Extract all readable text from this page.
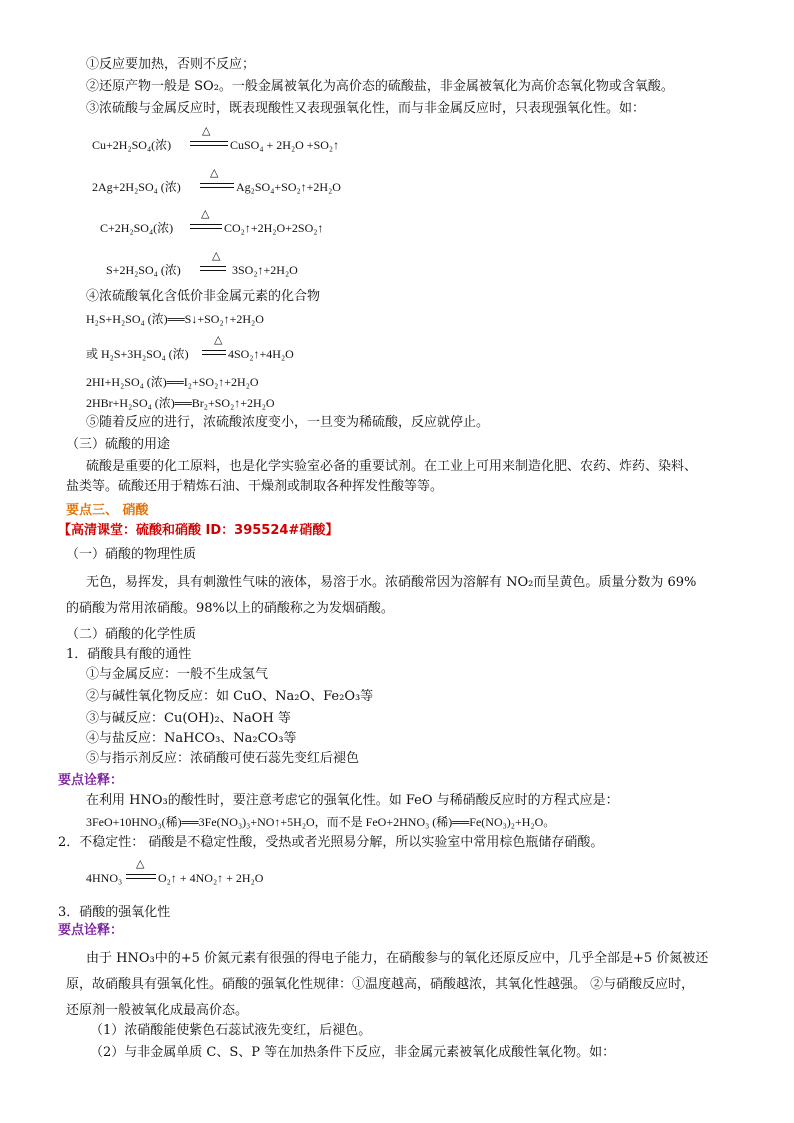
①反应要加热，否则不反应；
②还原产物一般是 SO₂。一般金属被氧化为高价态的硫酸盐，非金属被氧化为高价态氧化物或含氧酸。
③浓硫酸与金属反应时，既表现酸性又表现强氧化性，而与非金属反应时，只表现强氧化性。如：
Cu+2H₂SO₄(浓)
△
CuSO₄ + 2H₂O +SO₂↑
2Ag+2H₂SO₄ (浓)
△
Ag₂SO₄+SO₂↑+2H₂O
C+2H₂SO₄(浓)
△
CO₂↑+2H₂O+2SO₂↑
S+2H₂SO₄ (浓)
△
3SO₂↑+2H₂O
④浓硫酸氧化含低价非金属元素的化合物
H₂S+H₂SO₄ (浓)══S↓+SO₂↑+2H₂O
或 H₂S+3H₂SO₄ (浓)
△
4SO₂↑+4H₂O
2HI+H₂SO₄ (浓)══I₂+SO₂↑+2H₂O
2HBr+H₂SO₄ (浓)══Br₂+SO₂↑+2H₂O
⑤随着反应的进行，浓硫酸浓度变小，一旦变为稀硫酸，反应就停止。
（三）硫酸的用途
硫酸是重要的化工原料，也是化学实验室必备的重要试剂。在工业上可用来制造化肥、农药、炸药、染料、
盐类等。硫酸还用于精炼石油、干燥剂或制取各种挥发性酸等等。
要点三、 硝酸
【高清课堂：硫酸和硝酸 ID：395524#硝酸】
（一）硝酸的物理性质
无色，易挥发，具有刺激性气味的液体，易溶于水。浓硝酸常因为溶解有 NO₂而呈黄色。质量分数为 69%
的硝酸为常用浓硝酸。98%以上的硝酸称之为发烟硝酸。
（二）硝酸的化学性质
1．硝酸具有酸的通性
①与金属反应：一般不生成氢气
②与碱性氧化物反应：如 CuO、Na₂O、Fe₂O₃等
③与碱反应：Cu(OH)₂、NaOH 等
④与盐反应：NaHCO₃、Na₂CO₃等
⑤与指示剂反应：浓硝酸可使石蕊先变红后褪色
要点诠释：
在利用 HNO₃的酸性时，要注意考虑它的强氧化性。如 FeO 与稀硝酸反应时的方程式应是：
3FeO+10HNO₃(稀)══3Fe(NO₃)₃+NO↑+5H₂O，而不是 FeO+2HNO₃ (稀)══Fe(NO₃)₂+H₂O。
2．不稳定性： 硝酸是不稳定性酸，受热或者光照易分解，所以实验室中常用棕色瓶储存硝酸。
4HNO₃
△
O₂↑ + 4NO₂↑ + 2H₂O
3．硝酸的强氧化性
要点诠释：
由于 HNO₃中的+5 价氮元素有很强的得电子能力，在硝酸参与的氧化还原反应中，几乎全部是+5 价氮被还
原，故硝酸具有强氧化性。硝酸的强氧化性规律：①温度越高，硝酸越浓，其氧化性越强。 ②与硝酸反应时，
还原剂一般被氧化成最高价态。
（1）浓硝酸能使紫色石蕊试液先变红，后褪色。
（2）与非金属单质 C、S、P 等在加热条件下反应，非金属元素被氧化成酸性氧化物。如：
